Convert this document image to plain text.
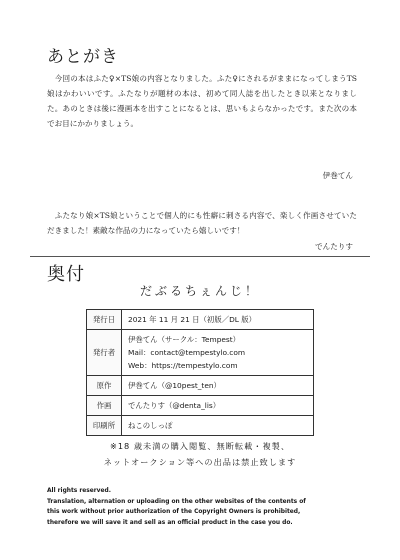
あとがき

　今回の本はふた♀×TS娘の内容となりました。ふた♀にされるがままになってしまうTS娘はかわいいです。ふたなりが題材の本は、初めて同人誌を出したとき以来となりました。あのときは後に漫画本を出すことになるとは、思いもよらなかったです。また次の本でお目にかかりましょう。

伊巻てん

　ふたなり娘×TS娘ということで個人的にも性癖に刺さる内容で、楽しく作画させていただきました！素敵な作品の力になっていたら嬉しいです！

でんたりす

奥付

だぶるちぇんじ！

発行日	2021 年 11 月 21 日（初版／DL 版）

発行者	伊巻てん（サークル：Tempest）
Mail：contact@tempestylo.com
Web：https://tempestylo.com

原作	伊巻てん（@10pest_ten）

作画	でんたりす（@denta_lis）

印刷所	ねこのしっぽ

※18 歳未満の購入閲覧、無断転載・複製、
ネットオークション等への出品は禁止致します

All rights reserved.
Translation, alternation or uploading on the other websites of the contents of
this work without prior authorization of the Copyright Owners is prohibited,
therefore we will save it and sell as an official product in the case you do.
